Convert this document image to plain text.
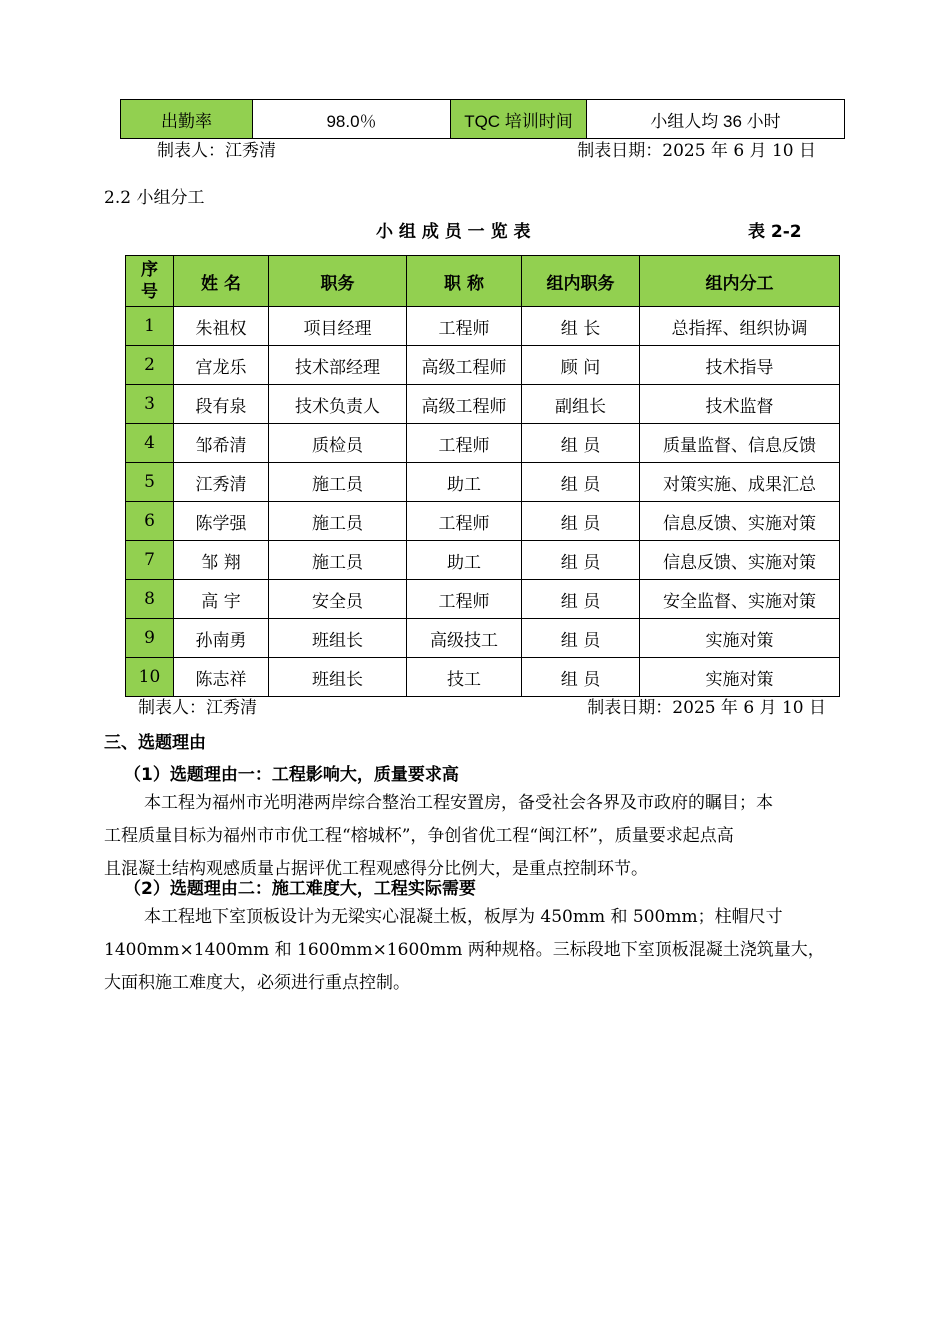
出勤率	98.0％	TQC 培训时间	小组人均 36 小时
制表人：江秀清	制表日期：2025 年 6 月 10 日
2.2 小组分工
小 组 成 员 一 览 表	表 2-2
序号	姓 名	职务	职 称	组内职务	组内分工
1	朱祖权	项目经理	工程师	组 长	总指挥、组织协调
2	宫龙乐	技术部经理	高级工程师	顾 问	技术指导
3	段有泉	技术负责人	高级工程师	副组长	技术监督
4	邹希清	质检员	工程师	组 员	质量监督、信息反馈
5	江秀清	施工员	助工	组 员	对策实施、成果汇总
6	陈学强	施工员	工程师	组 员	信息反馈、实施对策
7	邹 翔	施工员	助工	组 员	信息反馈、实施对策
8	高 宇	安全员	工程师	组 员	安全监督、实施对策
9	孙南勇	班组长	高级技工	组 员	实施对策
10	陈志祥	班组长	技工	组 员	实施对策
制表人：江秀清	制表日期：2025 年 6 月 10 日
三、选题理由
（1）选题理由一：工程影响大，质量要求高
本工程为福州市光明港两岸综合整治工程安置房，备受社会各界及市政府的瞩目；本
工程质量目标为福州市市优工程“榕城杯”，争创省优工程“闽江杯”，质量要求起点高
且混凝土结构观感质量占据评优工程观感得分比例大，是重点控制环节。
（2）选题理由二：施工难度大，工程实际需要
本工程地下室顶板设计为无梁实心混凝土板，板厚为 450mm 和 500mm；柱帽尺寸
1400mm×1400mm 和 1600mm×1600mm 两种规格。三标段地下室顶板混凝土浇筑量大，
大面积施工难度大，必须进行重点控制。
